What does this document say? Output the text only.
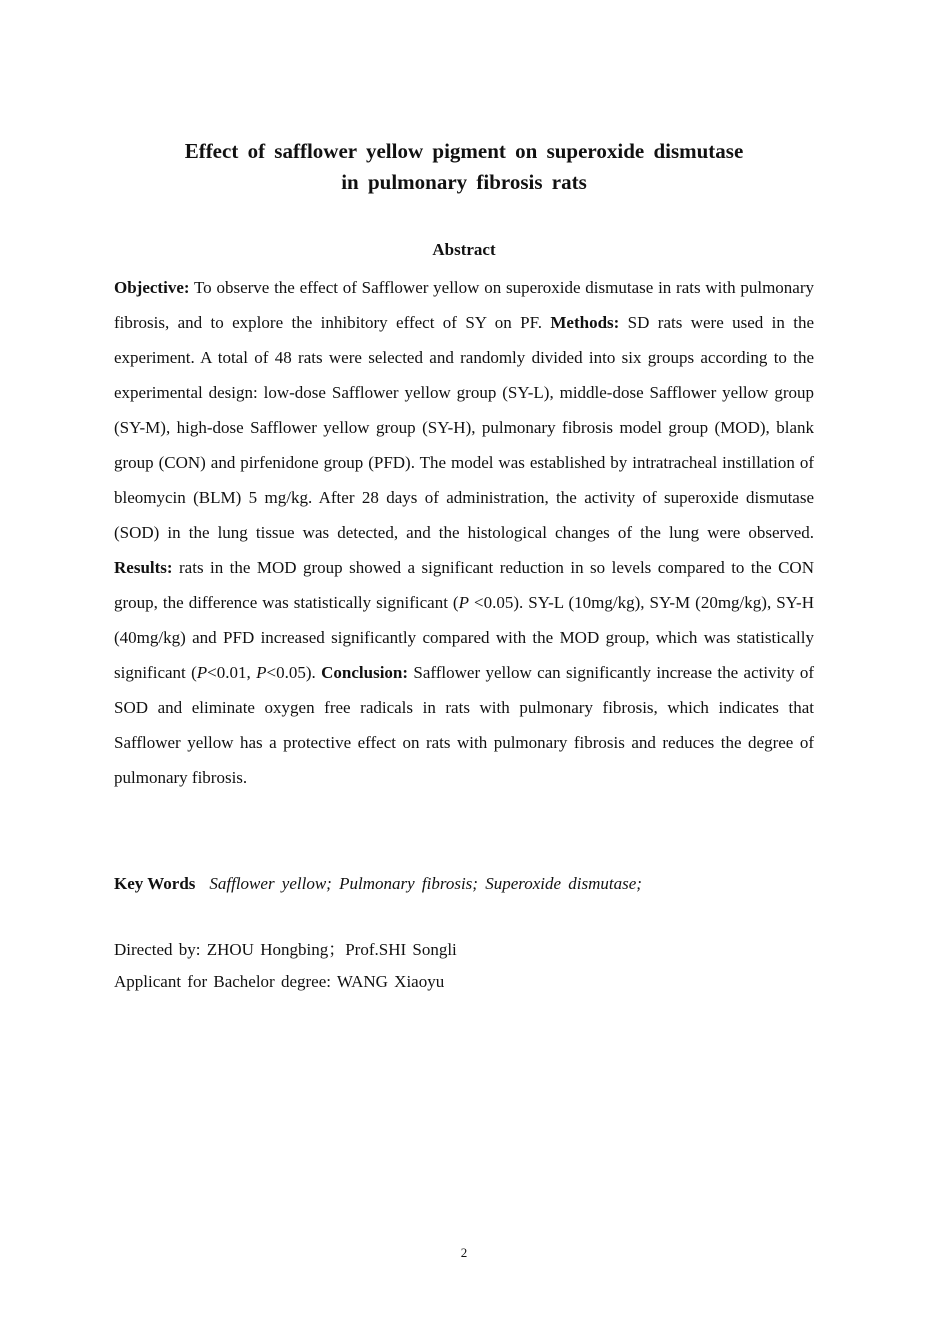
Effect of safflower yellow pigment on superoxide dismutase
in pulmonary fibrosis rats
Abstract
Objective: To observe the effect of Safflower yellow on superoxide dismutase in rats with pulmonary fibrosis, and to explore the inhibitory effect of SY on PF. Methods: SD rats were used in the experiment. A total of 48 rats were selected and randomly divided into six groups according to the experimental design: low-dose Safflower yellow group (SY-L), middle-dose Safflower yellow group (SY-M), high-dose Safflower yellow group (SY-H), pulmonary fibrosis model group (MOD), blank group (CON) and pirfenidone group (PFD). The model was established by intratracheal instillation of bleomycin (BLM) 5 mg/kg. After 28 days of administration, the activity of superoxide dismutase (SOD) in the lung tissue was detected, and the histological changes of the lung were observed. Results: rats in the MOD group showed a significant reduction in so levels compared to the CON group, the difference was statistically significant (P <0.05). SY-L (10mg/kg), SY-M (20mg/kg), SY-H (40mg/kg) and PFD increased significantly compared with the MOD group, which was statistically significant (P<0.01, P<0.05). Conclusion: Safflower yellow can significantly increase the activity of SOD and eliminate oxygen free radicals in rats with pulmonary fibrosis, which indicates that Safflower yellow has a protective effect on rats with pulmonary fibrosis and reduces the degree of pulmonary fibrosis.
Key Words Safflower yellow; Pulmonary fibrosis; Superoxide dismutase;
Directed by: ZHOU Hongbing；Prof.SHI Songli
Applicant for Bachelor degree: WANG Xiaoyu
2
